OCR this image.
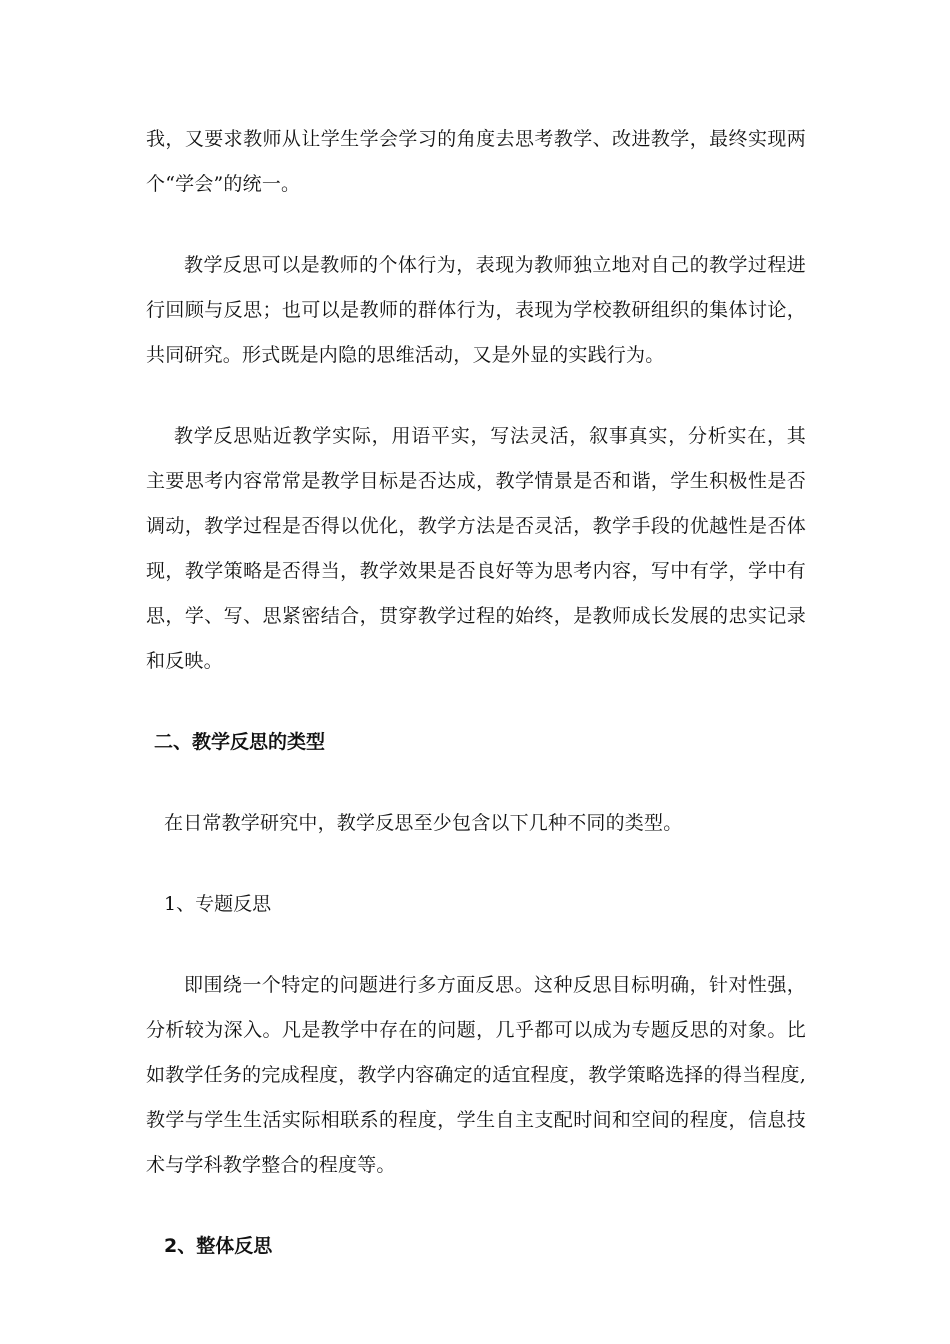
我，又要求教师从让学生学会学习的角度去思考教学、改进教学，最终实现两个“学会”的统一。

教学反思可以是教师的个体行为，表现为教师独立地对自己的教学过程进行回顾与反思；也可以是教师的群体行为，表现为学校教研组织的集体讨论，共同研究。形式既是内隐的思维活动，又是外显的实践行为。

教学反思贴近教学实际，用语平实，写法灵活，叙事真实，分析实在，其主要思考内容常常是教学目标是否达成，教学情景是否和谐，学生积极性是否调动，教学过程是否得以优化，教学方法是否灵活，教学手段的优越性是否体现，教学策略是否得当，教学效果是否良好等为思考内容，写中有学，学中有思，学、写、思紧密结合，贯穿教学过程的始终，是教师成长发展的忠实记录和反映。

二、教学反思的类型

在日常教学研究中，教学反思至少包含以下几种不同的类型。

1、专题反思

即围绕一个特定的问题进行多方面反思。这种反思目标明确，针对性强，分析较为深入。凡是教学中存在的问题，几乎都可以成为专题反思的对象。比如教学任务的完成程度，教学内容确定的适宜程度，教学策略选择的得当程度,教学与学生生活实际相联系的程度，学生自主支配时间和空间的程度，信息技术与学科教学整合的程度等。

2、整体反思
